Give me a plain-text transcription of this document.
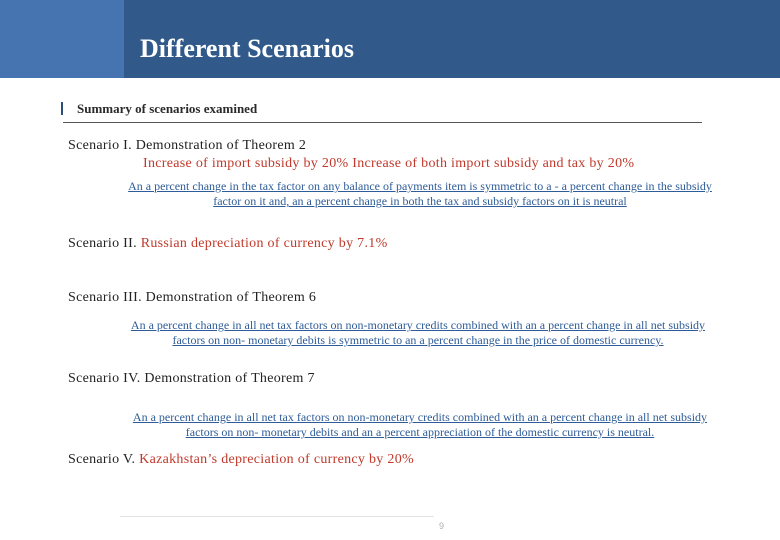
Different Scenarios
Summary of scenarios examined
Scenario I. Demonstration of Theorem 2
Increase of import subsidy by 20% Increase of both import subsidy and tax by 20%
An a percent change in the tax factor on any balance of payments item is symmetric to a - a percent change in the subsidy
factor on it and, an a percent change in both the tax and subsidy factors on it is neutral
Scenario II. Russian depreciation of currency by 7.1%
Scenario III. Demonstration of Theorem 6
An a percent change in all net tax factors on non-monetary credits combined with an a percent change in all net subsidy
factors on non- monetary debits is symmetric to an a percent change in the price of domestic currency.
Scenario IV. Demonstration of Theorem 7
An a percent change in all net tax factors on non-monetary credits combined with an a percent change in all net subsidy
factors on non- monetary debits and an a percent appreciation of the domestic currency is neutral.
Scenario V. Kazakhstan’s depreciation of currency by 20%
9
